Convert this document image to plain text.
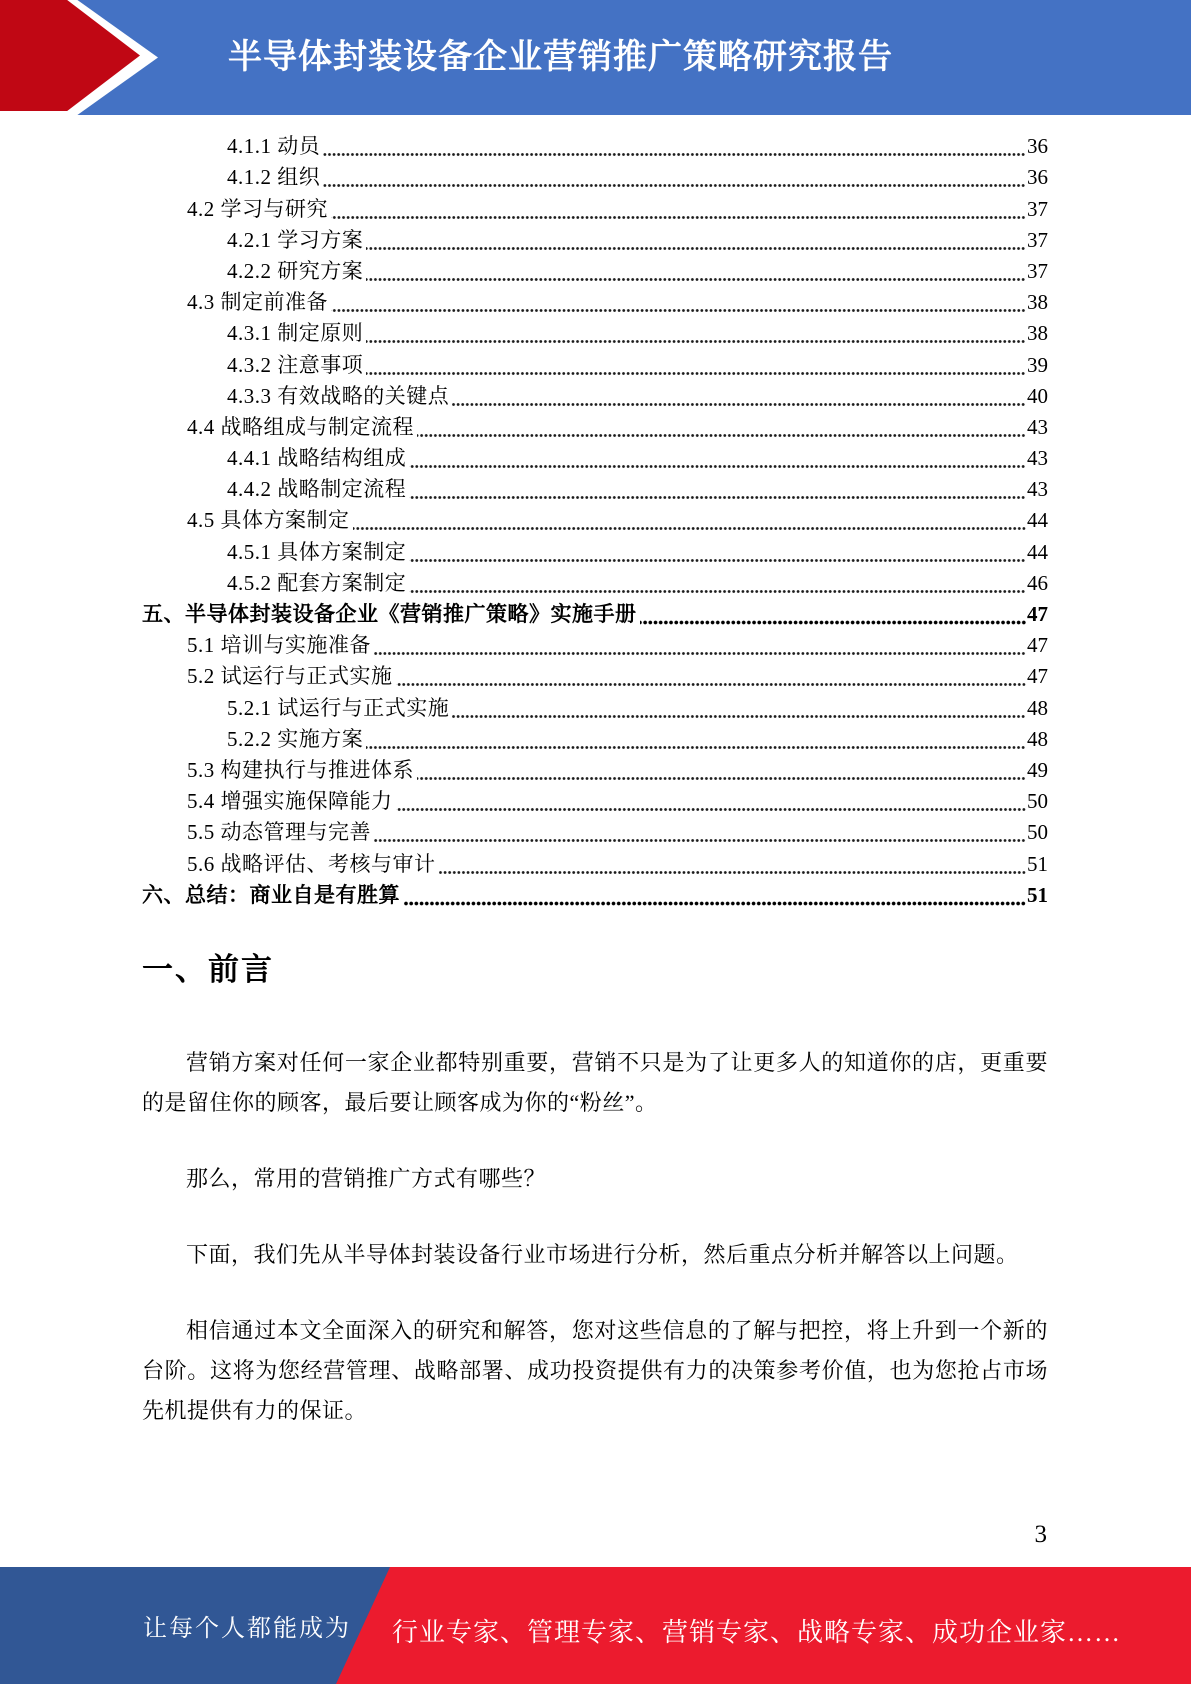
半导体封装设备企业营销推广策略研究报告
4.1.1 动员	36
4.1.2 组织	36
4.2 学习与研究	37
4.2.1 学习方案	37
4.2.2 研究方案	37
4.3 制定前准备	38
4.3.1 制定原则	38
4.3.2 注意事项	39
4.3.3 有效战略的关键点	40
4.4 战略组成与制定流程	43
4.4.1 战略结构组成	43
4.4.2 战略制定流程	43
4.5 具体方案制定	44
4.5.1 具体方案制定	44
4.5.2 配套方案制定	46
五、半导体封装设备企业《营销推广策略》实施手册	47
5.1 培训与实施准备	47
5.2 试运行与正式实施	47
5.2.1 试运行与正式实施	48
5.2.2 实施方案	48
5.3 构建执行与推进体系	49
5.4 增强实施保障能力	50
5.5 动态管理与完善	50
5.6 战略评估、考核与审计	51
六、总结：商业自是有胜算	51
一、前言

营销方案对任何一家企业都特别重要，营销不只是为了让更多人的知道你的店，更重要的是留住你的顾客，最后要让顾客成为你的“粉丝”。

那么，常用的营销推广方式有哪些？

下面，我们先从半导体封装设备行业市场进行分析，然后重点分析并解答以上问题。

相信通过本文全面深入的研究和解答，您对这些信息的了解与把控，将上升到一个新的台阶。这将为您经营管理、战略部署、成功投资提供有力的决策参考价值，也为您抢占市场先机提供有力的保证。

3
让每个人都能成为 行业专家、管理专家、营销专家、战略专家、成功企业家……
